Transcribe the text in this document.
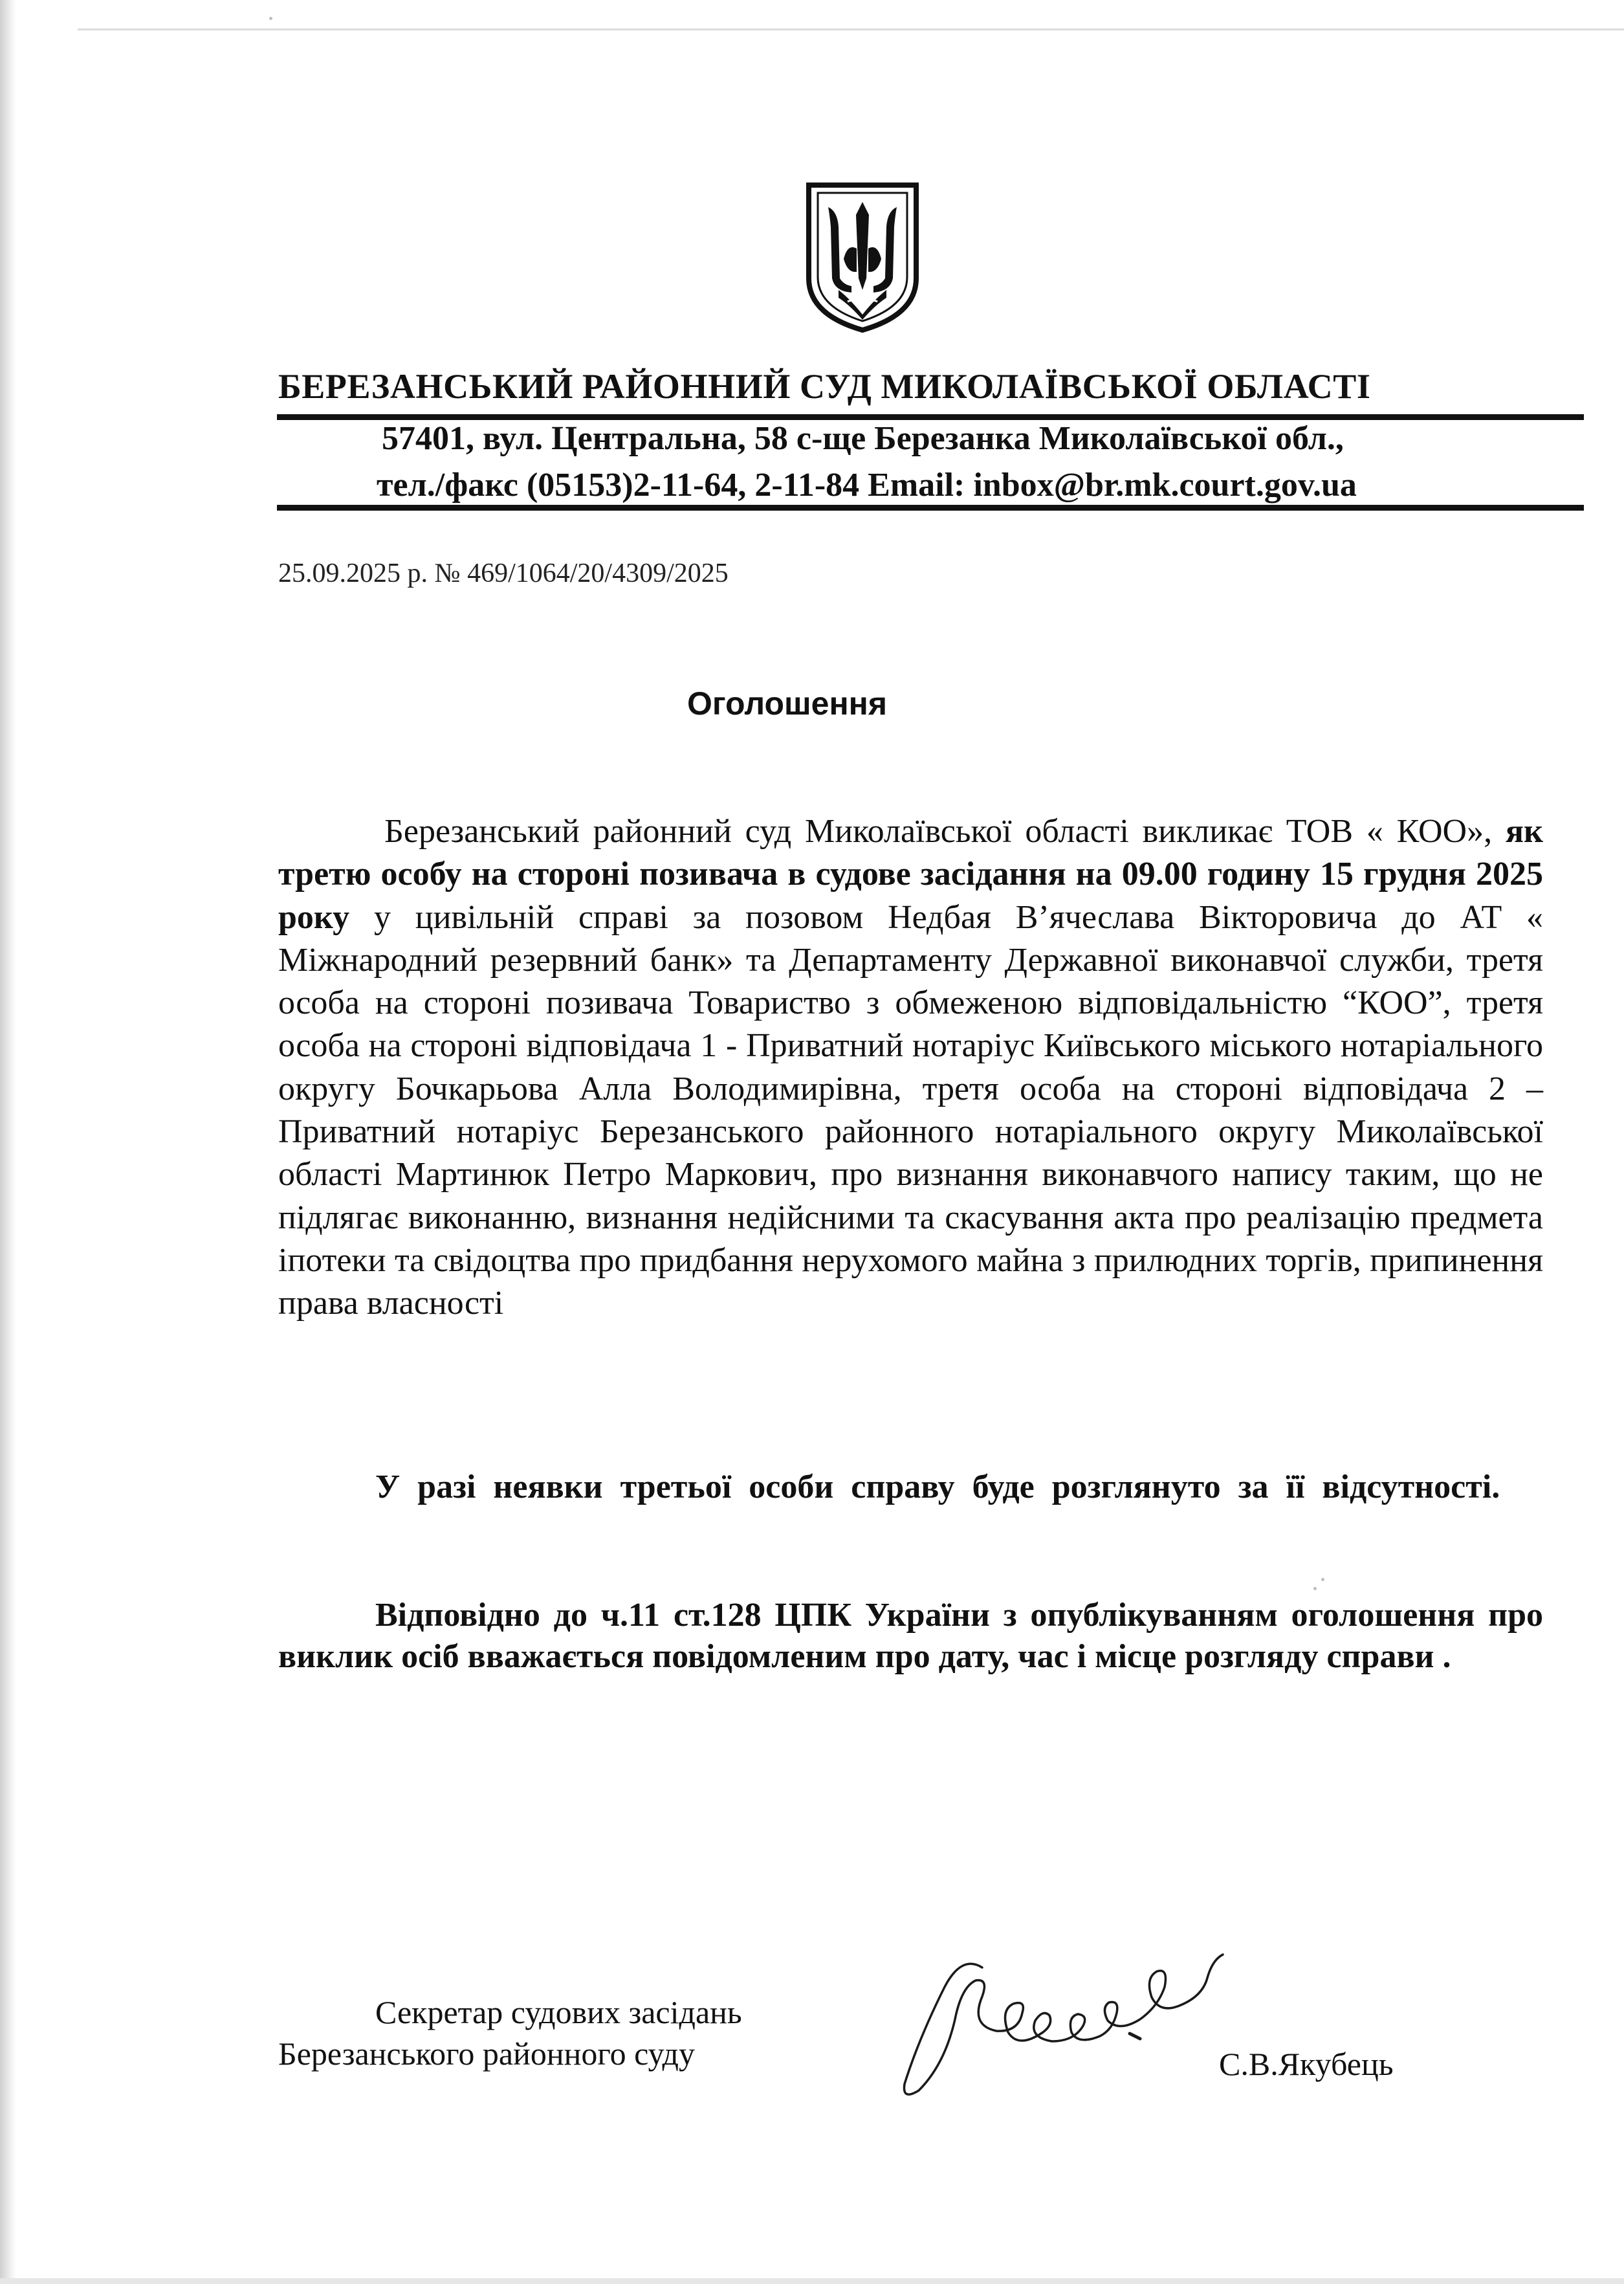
БЕРЕЗАНСЬКИЙ РАЙОННИЙ СУД МИКОЛАЇВСЬКОЇ ОБЛАСТІ
57401, вул. Центральна, 58 с-ще Березанка Миколаївської обл.,
тел./факс (05153)2-11-64, 2-11-84 Email: inbox@br.mk.court.gov.ua
25.09.2025 р. № 469/1064/20/4309/2025
Оголошення

Березанський районний суд Миколаївської області викликає ТОВ « КОО», як третю особу на стороні позивача в судове засідання на 09.00 годину 15 грудня 2025 року у цивільній справі за позовом Недбая В’ячеслава Вікторовича до АТ « Міжнародний резервний банк» та Департаменту Державної виконавчої служби, третя особа на стороні позивача Товариство з обмеженою відповідальністю “КОО”, третя особа на стороні відповідача 1 - Приватний нотаріус Київського міського нотаріального округу Бочкарьова Алла Володимирівна, третя особа на стороні відповідача 2 – Приватний нотаріус Березанського районного нотаріального округу Миколаївської області Мартинюк Петро Маркович, про визнання виконавчого напису таким, що не підлягає виконанню, визнання недійсними та скасування акта про реалізацію предмета іпотеки та свідоцтва про придбання нерухомого майна з прилюдних торгів, припинення права власності

У разі неявки третьої особи справу буде розглянуто за її відсутності.

Відповідно до ч.11 ст.128 ЦПК України з опублікуванням оголошення про виклик осіб вважається повідомленим про дату, час і місце розгляду справи .

Секретар судових засідань
Березанського районного суду	С.В.Якубець
